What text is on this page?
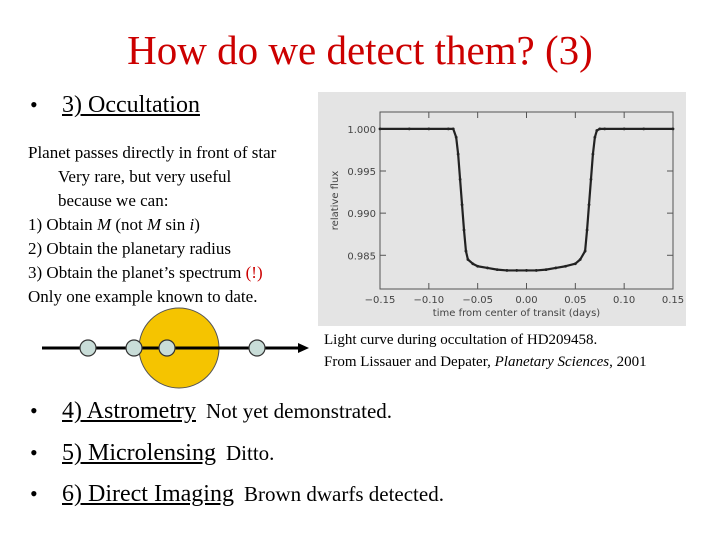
How do we detect them? (3)
• 3) Occultation
Planet passes directly in front of star
Very rare, but very useful
because we can:
1) Obtain M (not M sin i)
2) Obtain the planetary radius
3) Obtain the planet’s spectrum (!)
Only one example known to date.	−0.15 −0.10 −0.05 0.00	0.05	0.10	0.15
1.000
0.995
0.990
0.985
time from center of transit (days)
relative flux
Light curve during occultation of HD209458.
From Lissauer and Depater, Planetary Sciences, 2001
• 4) Astrometry Not yet demonstrated.
• 5) Microlensing Ditto.
• 6) Direct Imaging Brown dwarfs detected.
